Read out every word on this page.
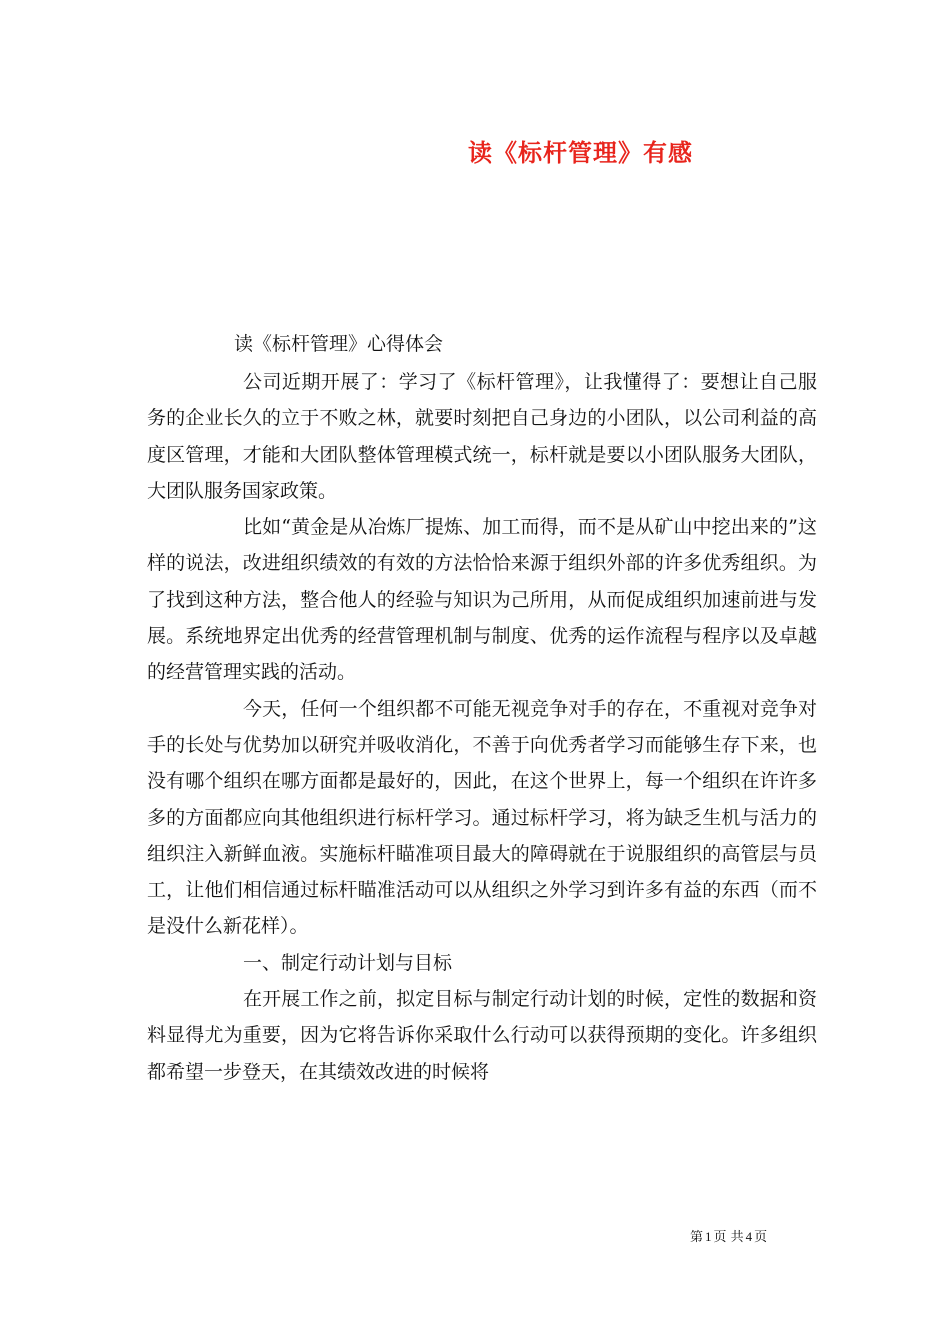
读《标杆管理》有感
读《标杆管理》心得体会

公司近期开展了：学习了《标杆管理》，让我懂得了：要想让自己服务的企业长久的立于不败之林，就要时刻把自己身边的小团队，以公司利益的高度区管理，才能和大团队整体管理模式统一，标杆就是要以小团队服务大团队，大团队服务国家政策。

比如“黄金是从冶炼厂提炼、加工而得，而不是从矿山中挖出来的”这样的说法，改进组织绩效的有效的方法恰恰来源于组织外部的许多优秀组织。为了找到这种方法，整合他人的经验与知识为己所用，从而促成组织加速前进与发展。系统地界定出优秀的经营管理机制与制度、优秀的运作流程与程序以及卓越的经营管理实践的活动。

今天，任何一个组织都不可能无视竞争对手的存在，不重视对竞争对手的长处与优势加以研究并吸收消化，不善于向优秀者学习而能够生存下来，也没有哪个组织在哪方面都是最好的，因此，在这个世界上，每一个组织在许许多多的方面都应向其他组织进行标杆学习。通过标杆学习，将为缺乏生机与活力的组织注入新鲜血液。实施标杆瞄准项目最大的障碍就在于说服组织的高管层与员工，让他们相信通过标杆瞄准活动可以从组织之外学习到许多有益的东西（而不是没什么新花样）。

一、制定行动计划与目标

在开展工作之前，拟定目标与制定行动计划的时候，定性的数据和资料显得尤为重要，因为它将告诉你采取什么行动可以获得预期的变化。许多组织都希望一步登天，在其绩效改进的时候将

第 1 页 共 4 页
